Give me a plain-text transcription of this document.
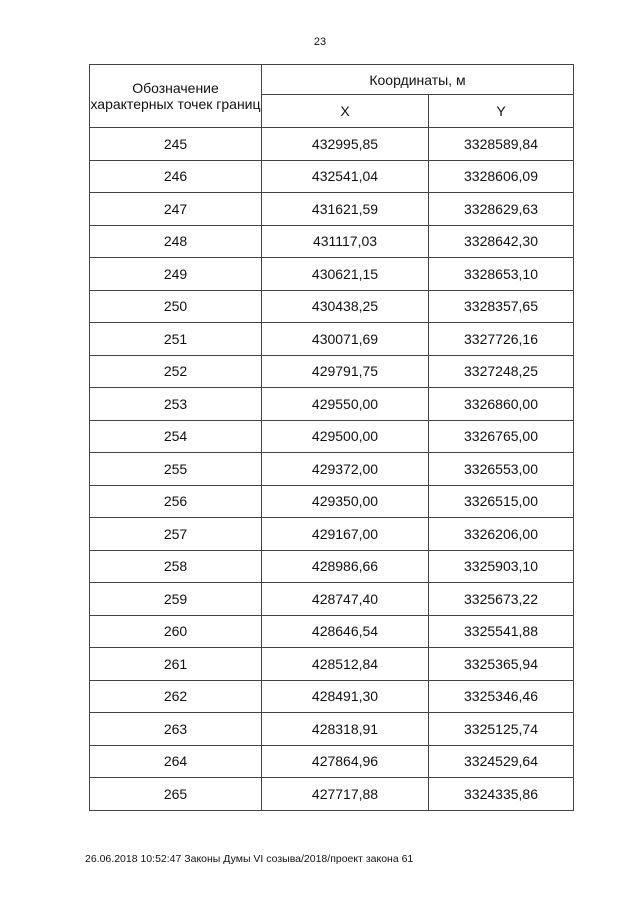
23
Обозначение характерных точек границ	Координаты, м	
	X	Y
245	432995,85	3328589,84
246	432541,04	3328606,09
247	431621,59	3328629,63
248	431117,03	3328642,30
249	430621,15	3328653,10
250	430438,25	3328357,65
251	430071,69	3327726,16
252	429791,75	3327248,25
253	429550,00	3326860,00
254	429500,00	3326765,00
255	429372,00	3326553,00
256	429350,00	3326515,00
257	429167,00	3326206,00
258	428986,66	3325903,10
259	428747,40	3325673,22
260	428646,54	3325541,88
261	428512,84	3325365,94
262	428491,30	3325346,46
263	428318,91	3325125,74
264	427864,96	3324529,64
265	427717,88	3324335,86
26.06.2018 10:52:47 Законы Думы VI созыва/2018/проект закона 61
